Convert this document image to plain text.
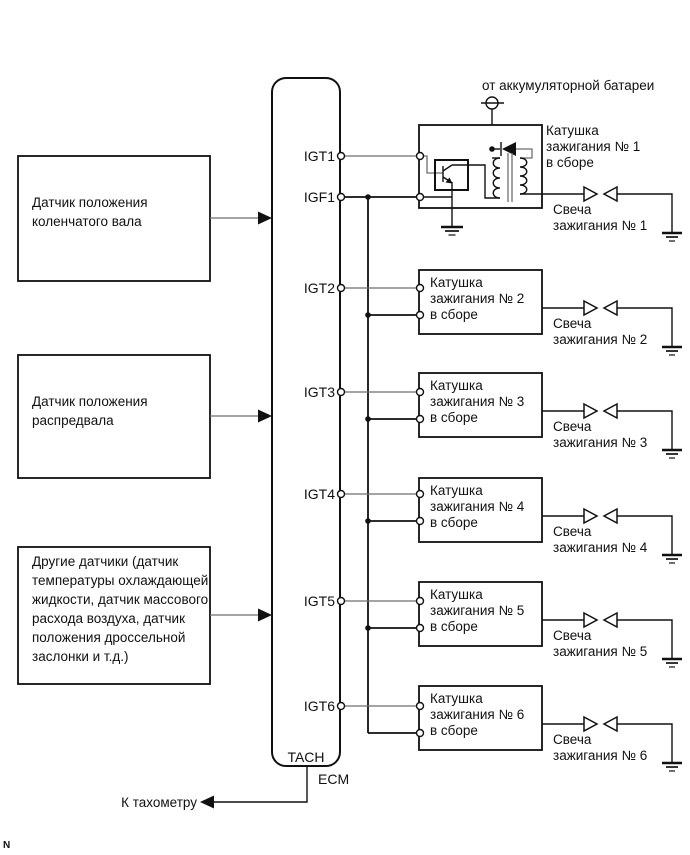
IGT1
IGF1
IGT2
IGT3
IGT4
IGT5
IGT6
TACH
ECM
Датчик положения
коленчатого вала
Датчик положения
распредвала
Другие датчики (датчик
температуры охлаждающей
жидкости, датчик массового
расхода воздуха, датчик
положения дроссельной
заслонки и т.д.)
от аккумуляторной батареи
Катушка
зажигания № 1
в сборе
Свеча
зажигания № 1
Катушка
зажигания № 2
в сборе
Свеча
зажигания № 2
Катушка
зажигания № 3
в сборе
Свеча
зажигания № 3
Катушка
зажигания № 4
в сборе
Свеча
зажигания № 4
Катушка
зажигания № 5
в сборе
Свеча
зажигания № 5
Катушка
зажигания № 6
в сборе
Свеча
зажигания № 6
К тахометру
N
